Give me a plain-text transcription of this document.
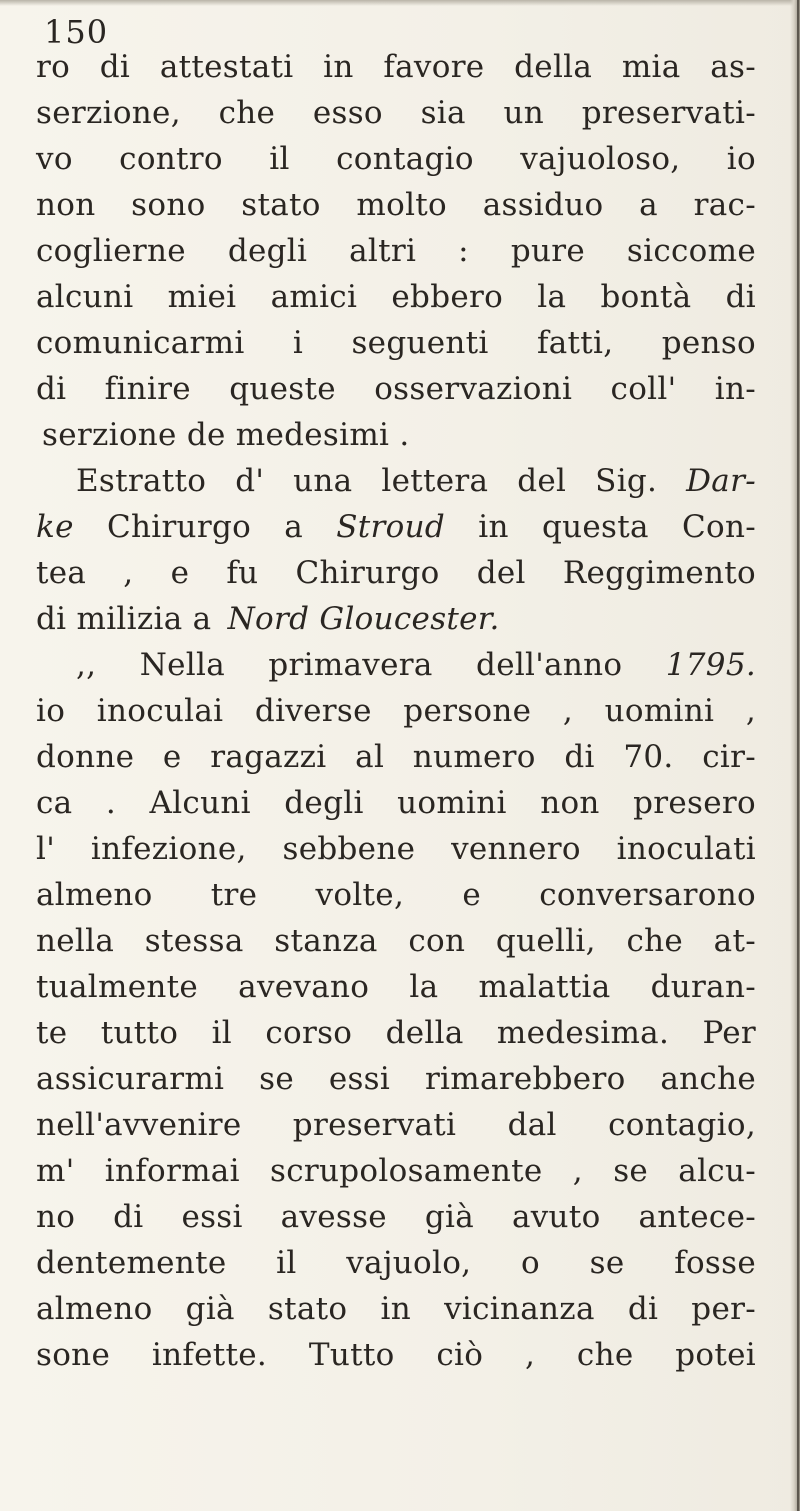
150
ro di attestati in favore della mia as-
serzione, che esso sia un preservati-
vo contro il contagio vajuoloso, io
non sono stato molto assiduo a rac-
coglierne degli altri : pure siccome
alcuni miei amici ebbero la bontà di
comunicarmi i seguenti fatti, penso
di finire queste osservazioni coll' in-
serzione de medesimi .
Estratto d' una lettera del Sig. Dar-
ke Chirurgo a Stroud in questa Con-
tea , e fu Chirurgo del Reggimento
di milizia a Nord Gloucester.
,, Nella primavera dell'anno 1795.
io inoculai diverse persone , uomini ,
donne e ragazzi al numero di 70. cir-
ca . Alcuni degli uomini non presero
l' infezione, sebbene vennero inoculati
almeno tre volte, e conversarono
nella stessa stanza con quelli, che at-
tualmente avevano la malattia duran-
te tutto il corso della medesima. Per
assicurarmi se essi rimarebbero anche
nell'avvenire preservati dal contagio,
m' informai scrupolosamente , se alcu-
no di essi avesse già avuto antece-
dentemente il vajuolo, o se fosse
almeno già stato in vicinanza di per-
sone infette. Tutto ciò , che potei
